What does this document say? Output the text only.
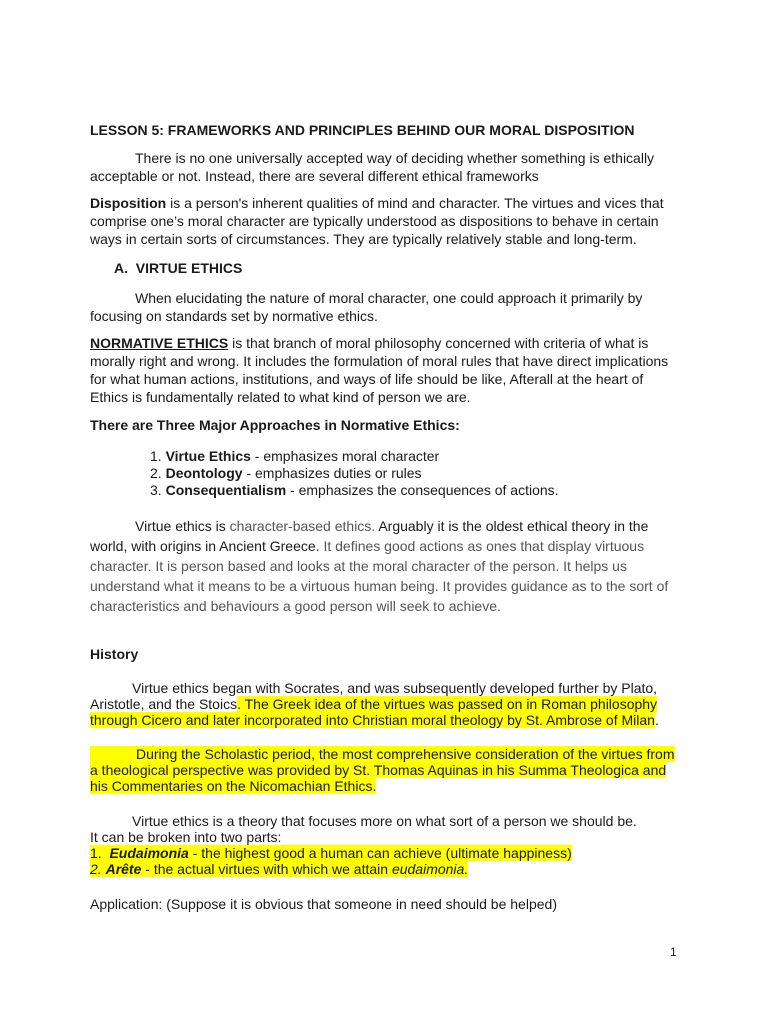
LESSON 5: FRAMEWORKS AND PRINCIPLES BEHIND OUR MORAL DISPOSITION

There is no one universally accepted way of deciding whether something is ethically
acceptable or not. Instead, there are several different ethical frameworks

Disposition is a person's inherent qualities of mind and character. The virtues and vices that comprise one’s moral character are typically understood as dispositions to behave in certain ways in certain sorts of circumstances. They are typically relatively stable and long-term.

A. VIRTUE ETHICS

When elucidating the nature of moral character, one could approach it primarily by focusing on standards set by normative ethics.

NORMATIVE ETHICS is that branch of moral philosophy concerned with criteria of what is morally right and wrong. It includes the formulation of moral rules that have direct implications for what human actions, institutions, and ways of life should be like, Afterall at the heart of Ethics is fundamentally related to what kind of person we are.

There are Three Major Approaches in Normative Ethics:

1. Virtue Ethics - emphasizes moral character
2. Deontology - emphasizes duties or rules
3. Consequentialism - emphasizes the consequences of actions.

Virtue ethics is character-based ethics. Arguably it is the oldest ethical theory in the world, with origins in Ancient Greece. It defines good actions as ones that display virtuous character. It is person based and looks at the moral character of the person. It helps us understand what it means to be a virtuous human being. It provides guidance as to the sort of characteristics and behaviours a good person will seek to achieve.

History

Virtue ethics began with Socrates, and was subsequently developed further by Plato, Aristotle, and the Stoics. The Greek idea of the virtues was passed on in Roman philosophy through Cicero and later incorporated into Christian moral theology by St. Ambrose of Milan.

During the Scholastic period, the most comprehensive consideration of the virtues from a theological perspective was provided by St. Thomas Aquinas in his Summa Theologica and his Commentaries on the Nicomachian Ethics.

Virtue ethics is a theory that focuses more on what sort of a person we should be.
It can be broken into two parts:
1. Eudaimonia - the highest good a human can achieve (ultimate happiness)
2. Arête - the actual virtues with which we attain eudaimonia.

Application: (Suppose it is obvious that someone in need should be helped)

1
